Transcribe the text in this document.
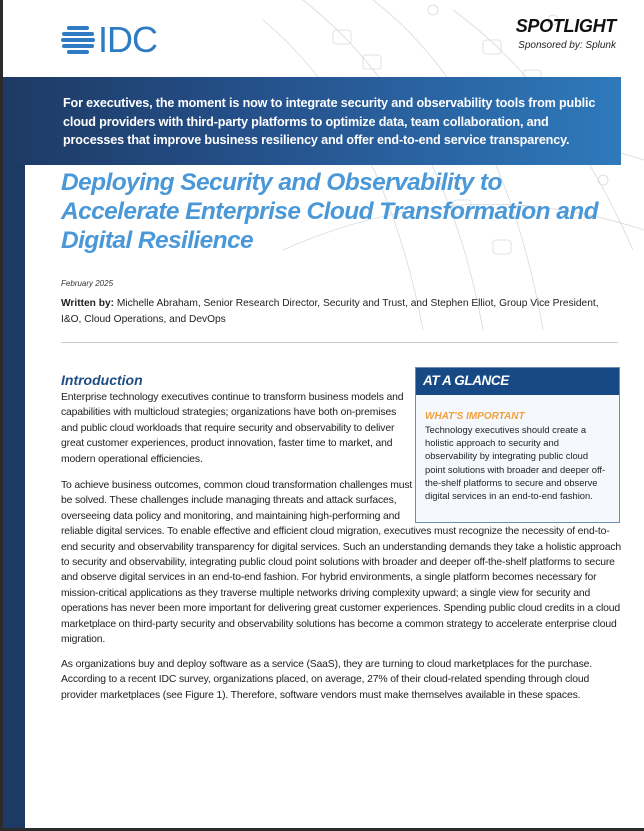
IDC	SPOTLIGHT
Sponsored by: Splunk
For executives, the moment is now to integrate security and observability tools from public cloud providers with third-party platforms to optimize data, team collaboration, and processes that improve business resiliency and offer end-to-end service transparency.
Deploying Security and Observability to Accelerate Enterprise Cloud Transformation and Digital Resilience
February 2025
Written by: Michelle Abraham, Senior Research Director, Security and Trust, and Stephen Elliot, Group Vice President, I&O, Cloud Operations, and DevOps
Introduction	AT A GLANCE
WHAT'S IMPORTANT
Technology executives should create a holistic approach to security and observability by integrating public cloud point solutions with broader and deeper off-the-shelf platforms to secure and observe digital services in an end-to-end fashion.

Enterprise technology executives continue to transform business models and capabilities with multicloud strategies; organizations have both on-premises and public cloud workloads that require security and observability to deliver great customer experiences, product innovation, faster time to market, and modern operational efficiencies.

To achieve business outcomes, common cloud transformation challenges must be solved. These challenges include managing threats and attack surfaces, overseeing data policy and monitoring, and maintaining high-performing and reliable digital services. To enable effective and efficient cloud migration, executives must recognize the necessity of end-to-end security and observability transparency for digital services. Such an understanding demands they take a holistic approach to security and observability, integrating public cloud point solutions with broader and deeper off-the-shelf platforms to secure and observe digital services in an end-to-end fashion. For hybrid environments, a single platform becomes necessary for mission-critical applications as they traverse multiple networks driving complexity upward; a single view for security and operations has never been more important for delivering great customer experiences. Spending public cloud credits in a cloud marketplace on third-party security and observability solutions has become a common strategy to accelerate enterprise cloud migration.

As organizations buy and deploy software as a service (SaaS), they are turning to cloud marketplaces for the purchase. According to a recent IDC survey, organizations placed, on average, 27% of their cloud-related spending through cloud provider marketplaces (see Figure 1). Therefore, software vendors must make themselves available in these spaces.
